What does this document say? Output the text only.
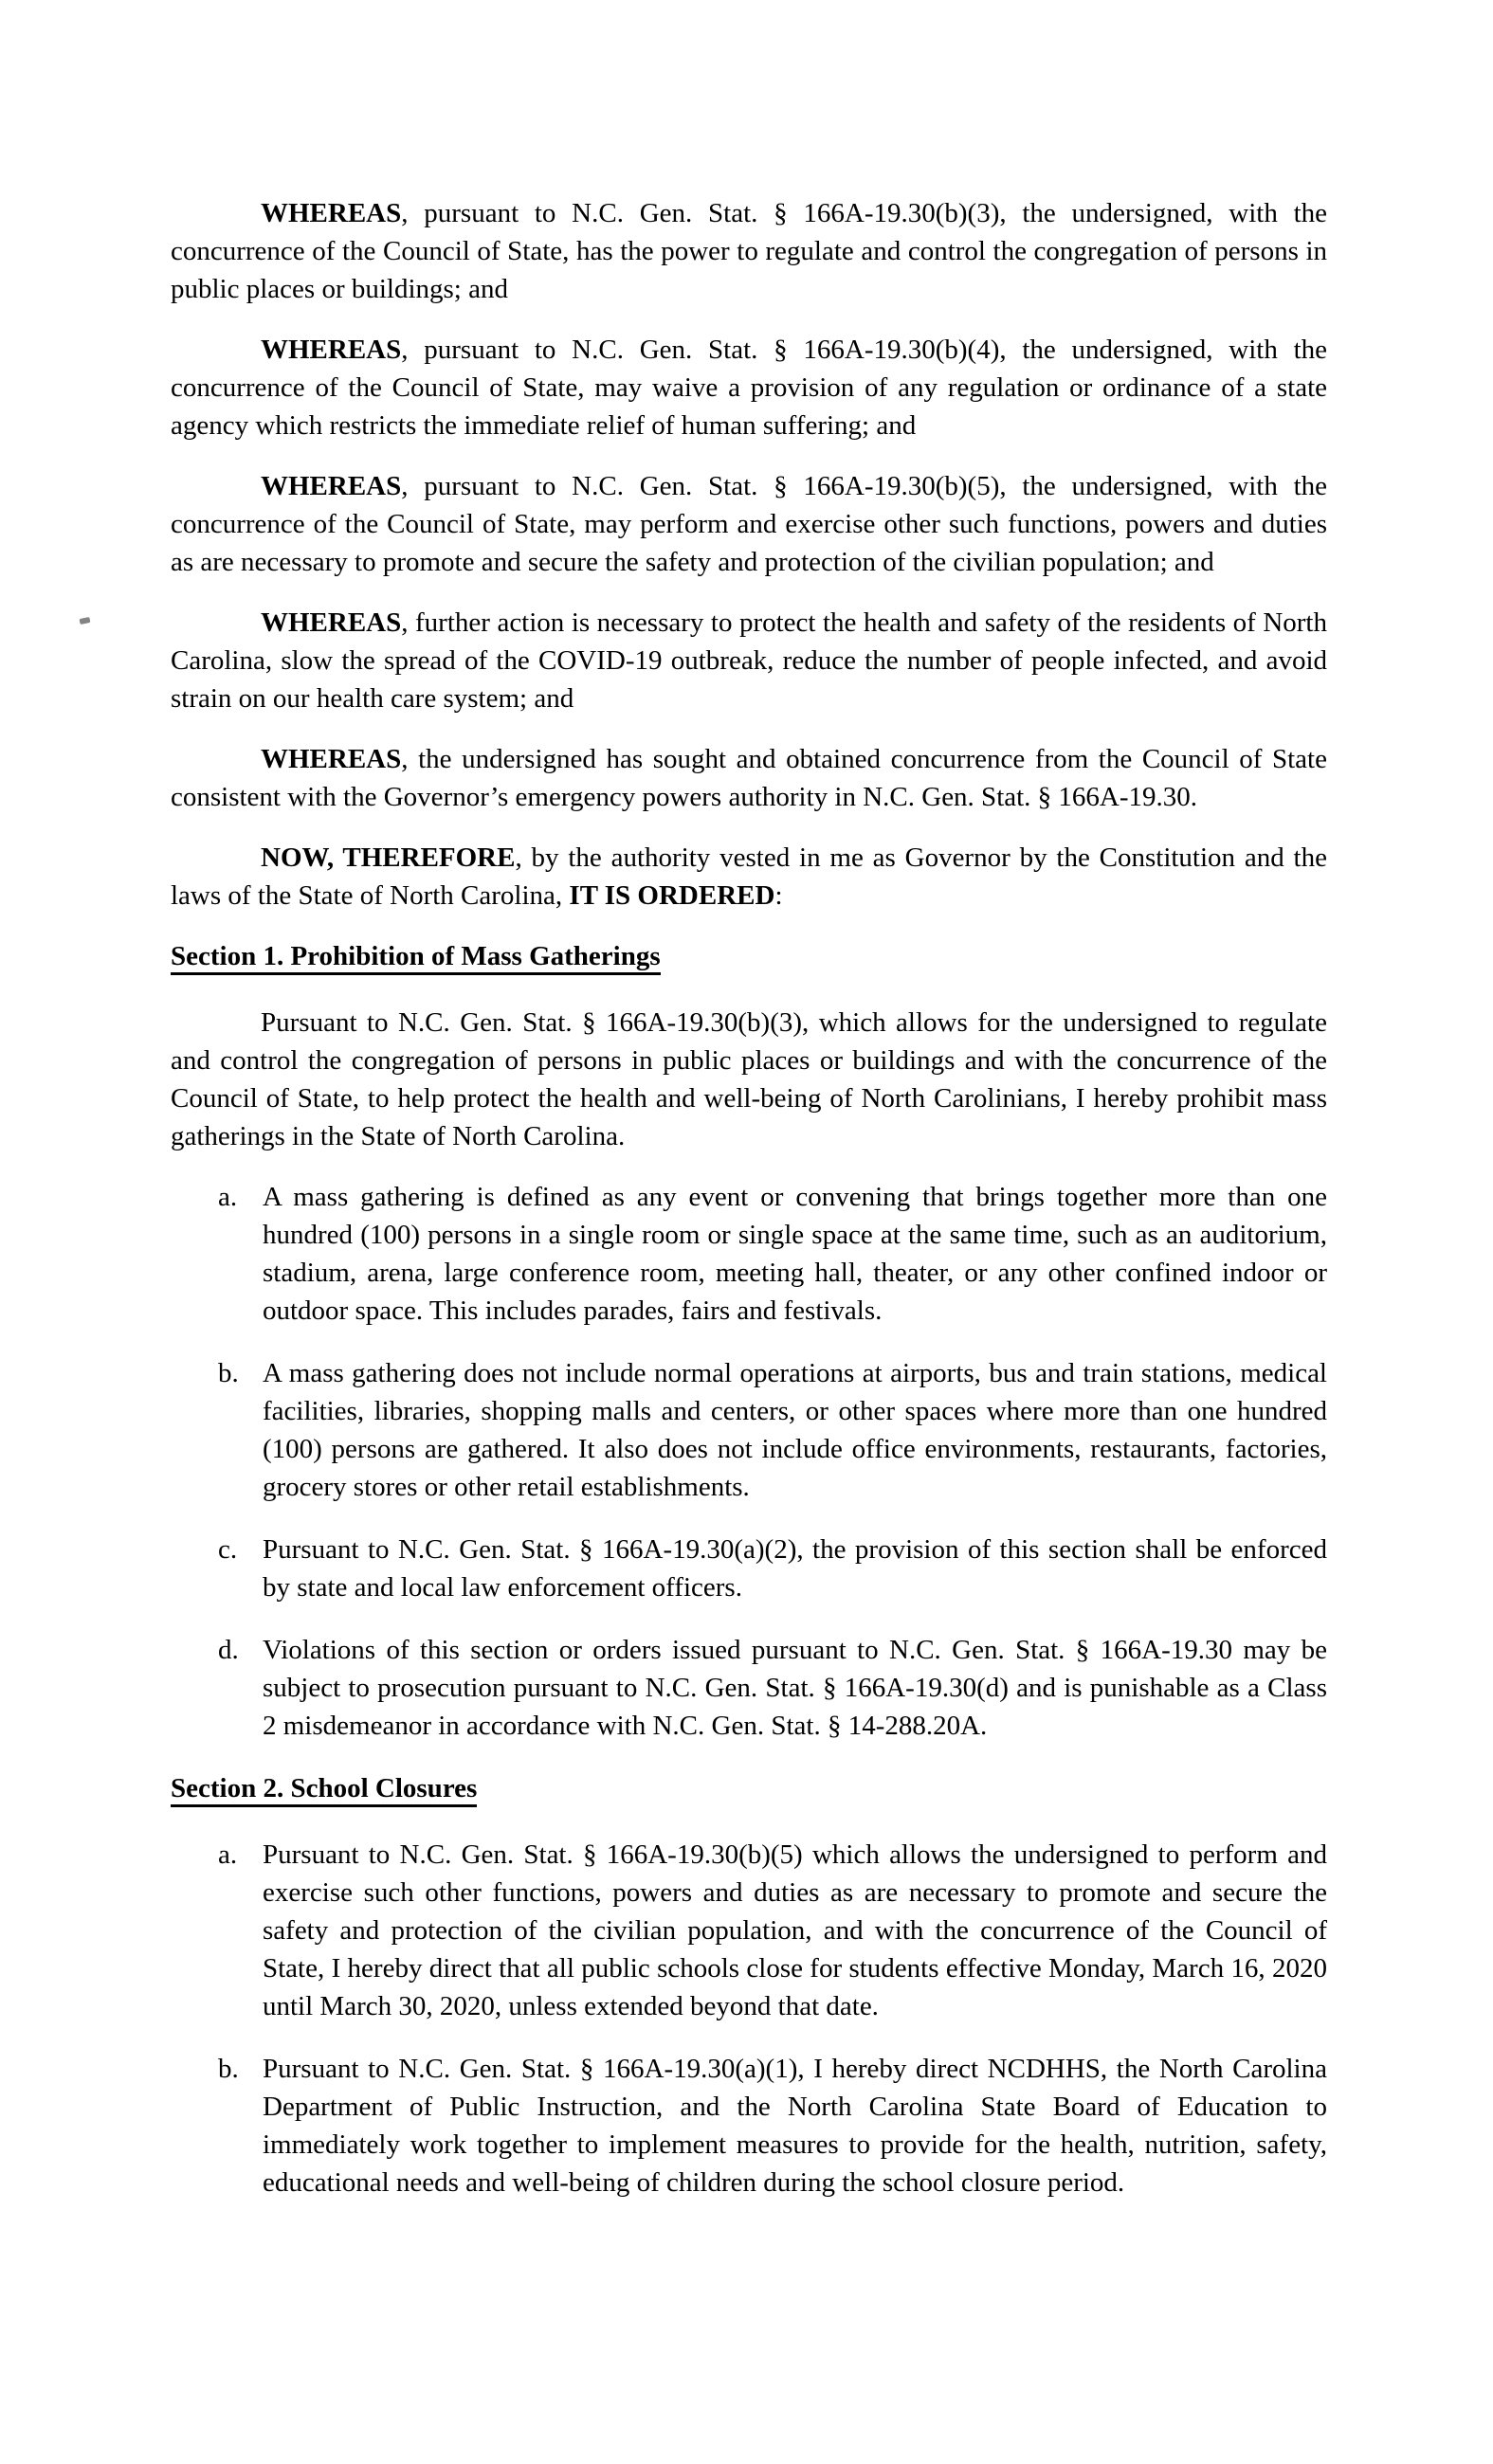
WHEREAS, pursuant to N.C. Gen. Stat. § 166A-19.30(b)(3), the undersigned, with the concurrence of the Council of State, has the power to regulate and control the congregation of persons in public places or buildings; and

WHEREAS, pursuant to N.C. Gen. Stat. § 166A-19.30(b)(4), the undersigned, with the concurrence of the Council of State, may waive a provision of any regulation or ordinance of a state agency which restricts the immediate relief of human suffering; and

WHEREAS, pursuant to N.C. Gen. Stat. § 166A-19.30(b)(5), the undersigned, with the concurrence of the Council of State, may perform and exercise other such functions, powers and duties as are necessary to promote and secure the safety and protection of the civilian population; and

WHEREAS, further action is necessary to protect the health and safety of the residents of North Carolina, slow the spread of the COVID-19 outbreak, reduce the number of people infected, and avoid strain on our health care system; and

WHEREAS, the undersigned has sought and obtained concurrence from the Council of State consistent with the Governor’s emergency powers authority in N.C. Gen. Stat. § 166A-19.30.

NOW, THEREFORE, by the authority vested in me as Governor by the Constitution and the laws of the State of North Carolina, IT IS ORDERED:

Section 1. Prohibition of Mass Gatherings

Pursuant to N.C. Gen. Stat. § 166A-19.30(b)(3), which allows for the undersigned to regulate and control the congregation of persons in public places or buildings and with the concurrence of the Council of State, to help protect the health and well-being of North Carolinians, I hereby prohibit mass gatherings in the State of North Carolina.

a. A mass gathering is defined as any event or convening that brings together more than one hundred (100) persons in a single room or single space at the same time, such as an auditorium, stadium, arena, large conference room, meeting hall, theater, or any other confined indoor or outdoor space. This includes parades, fairs and festivals.
b. A mass gathering does not include normal operations at airports, bus and train stations, medical facilities, libraries, shopping malls and centers, or other spaces where more than one hundred (100) persons are gathered. It also does not include office environments, restaurants, factories, grocery stores or other retail establishments.
c. Pursuant to N.C. Gen. Stat. § 166A-19.30(a)(2), the provision of this section shall be enforced by state and local law enforcement officers.
d. Violations of this section or orders issued pursuant to N.C. Gen. Stat. § 166A-19.30 may be subject to prosecution pursuant to N.C. Gen. Stat. § 166A-19.30(d) and is punishable as a Class 2 misdemeanor in accordance with N.C. Gen. Stat. § 14-288.20A.
Section 2. School Closures
a. Pursuant to N.C. Gen. Stat. § 166A-19.30(b)(5) which allows the undersigned to perform and exercise such other functions, powers and duties as are necessary to promote and secure the safety and protection of the civilian population, and with the concurrence of the Council of State, I hereby direct that all public schools close for students effective Monday, March 16, 2020 until March 30, 2020, unless extended beyond that date.
b. Pursuant to N.C. Gen. Stat. § 166A-19.30(a)(1), I hereby direct NCDHHS, the North Carolina Department of Public Instruction, and the North Carolina State Board of Education to immediately work together to implement measures to provide for the health, nutrition, safety, educational needs and well-being of children during the school closure period.
